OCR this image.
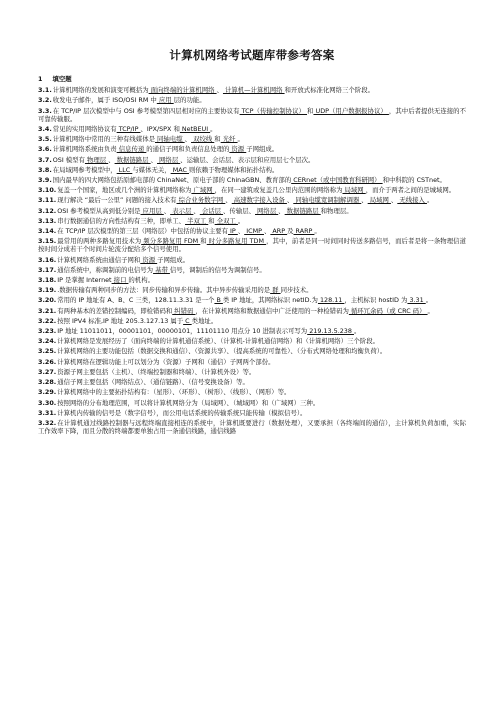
计算机网络考试题库带参考答案
1 填空题
3.1.计算机网络的发展和演变可概括为 面向终端的计算机网络 、 计算机—计算机网络 和开放式标准化网络三个阶段。
3.2.收发电子邮件，属于 ISO/OSI RM 中 应用 层的功能。
3.3.在 TCP/IP 层次模型中与 OSI 参考模型第四层相对应的主要协议有 TCP（传输控制协议） 和 UDP（用户数据报协议） ，其中后者提供无连接的不可靠传输服。
3.4.常见的实用网络协议有 TCP/IP 、IPX/SPX 和 NetBEUI 。
3.5.计算机网络中常用的三种有线媒体是 同轴电缆 、 双绞线 和 光纤 。
3.6.计算机网络系统由负责 信息传递 的通信子网和负责信息处理的 资源 子网组成。
3.7.OSI 模型有 物理层 、 数据链路层 、 网络层 、运输层、会话层、表示层和应用层七个层次。
3.8.在局域网参考模型中， LLC 与媒体无关， MAC 则依赖于物理媒体和拓扑结构。
3.9.国内最早的四大网络包括原邮电部的 ChinaNet、原电子部的 ChinaGBN、教育部的 CERnet（或中国教育科研网） 和中科院的 CSTnet。
3.10.复盖一个国家，地区或几个洲的计算机网络称为 广域网 ，在同一建筑或复盖几公里内范围的网络称为 局域网 ，而介于两者之间的是城域网。
3.11.现行解决 “最后一公里” 问题的接入技术有 综合业务数字网 、 高速数字接入设备 、 同轴电缆宽调制解调器 、 局域网 、 无线接入 。
3.12.OSI 参考模型从高到低分别是 应用层 、 表示层 、 会话层 、传输层、 网络层 、 数据链路层 和物理层。
3.13.串行数据通信的方向性结构有三种，即单工、 半双工 和 全双工 。
3.14.在 TCP/IP 层次模型的第三层（网络层）中包括的协议主要有 IP 、 ICMP 、 ARP 及 RARP 。
3.15.最常用的两种多路复用技术为 频分多路复用 FDM 和 时分多路复用 TDM ，其中，前者是同一时间同时传送多路信号，而后者是将一条物理信道按时间分成若干个时间片轮流分配给多个信号使用。
3.16.计算机网络系统由通信子网和 资源 子网组成。
3.17.通信系统中，称调制前的电信号为 基带 信号，调制后的信号为调制信号。
3.18.IP 是掌握 Internet 接口 的机构。
3.19..数据传输有两种同步的方法：同步传输和异步传输。其中异步传输采用的是 群 同步技术。
3.20.常用的 IP 地址有 A、B、C 三类，128.11.3.31 是一个 B 类 IP 地址，其网络标识 netID.为 128.11 ，主机标识 hostID 为 3.31 。
3.21.有两种基本的差错控制编码，即检错码和 纠错码 ，在计算机网络和数据通信中广泛使用的一种检错码为 循环冗余码（或 CRC 码） 。
3.22.按照 IPV4 标准,IP 地址 205.3.127.13 属于 C 类地址。
3.23.IP 地址 11011011，00001101，00000101，11101110 用点分 10 进制表示可写为 219.13.5.238 。
3.24.计算机网络是发展经历了（面向终端的计算机通信系统）、（计算机-计算机通信网络）和（计算机网络）三个阶段。
3.25.计算机网络的主要功能包括（数据交换和通信）、（资源共享）、（提高系统的可靠性）、（分布式网络处理和均衡负荷）。
3.26.计算机网络在逻辑功能上可以划分为（资源）子网和（通信）子网两个部份。
3.27.资源子网主要包括（主机）、（终端控制器和终端）、（计算机外设）等。
3.28.通信子网主要包括（网络结点）、（通信链路）、（信号变换设备）等。
3.29.计算机网络中的主要拓扑结构有：（星形）、（环形）、（树形）、（线形）、（网形）等。
3.30.按照网络的分布地理范围，可以将计算机网络分为（局域网）、（城域网）和（广域网）三种。
3.31.计算机内传输的信号是（数字信号），而公用电话系统的传输系统只能传输（模拟信号）。
3.32.在计算机通过线路控制器与远程终端直接相连的系统中，计算机既要进行（数据处理），又要承担（各终端间的通信），主计算机负荷加重，实际工作效率下降，而且分散的终端都要单独占用一条通信线路，通信线路
